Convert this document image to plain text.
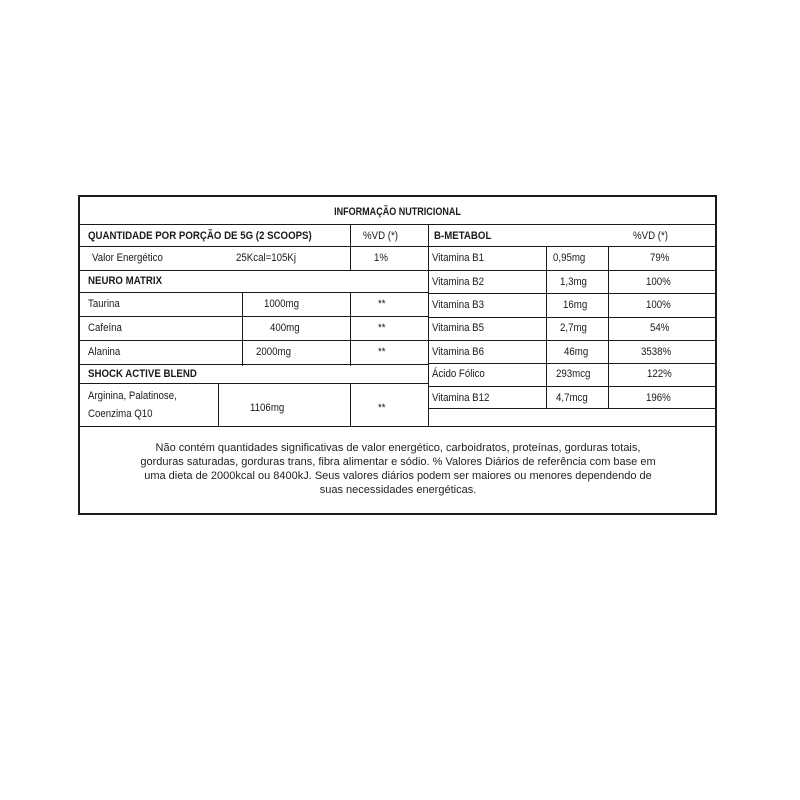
INFORMAÇÃO NUTRICIONAL
QUANTIDADE POR PORÇÃO DE 5G (2 SCOOPS)	%VD (*)
Valor Energético	25Kcal=105Kj	1%
NEURO MATRIX
Taurina	1000mg	**
Cafeína	400mg	**
Alanina	2000mg	**
SHOCK ACTIVE BLEND
Arginina, Palatinose,
Coenzima Q10	1106mg	**
B-METABOL	%VD (*)
Vitamina B1	0,95mg	79%
Vitamina B2	1,3mg	100%
Vitamina B3	16mg	100%
Vitamina B5	2,7mg	54%
Vitamina B6	46mg	3538%
Ácido Fólico	293mcg	122%
Vitamina B12	4,7mcg	196%
Não contém quantidades significativas de valor energético, carboidratos, proteínas, gorduras totais,
gorduras saturadas, gorduras trans, fibra alimentar e sódio. % Valores Diários de referência com base em
uma dieta de 2000kcal ou 8400kJ. Seus valores diários podem ser maiores ou menores dependendo de
suas necessidades energéticas.
